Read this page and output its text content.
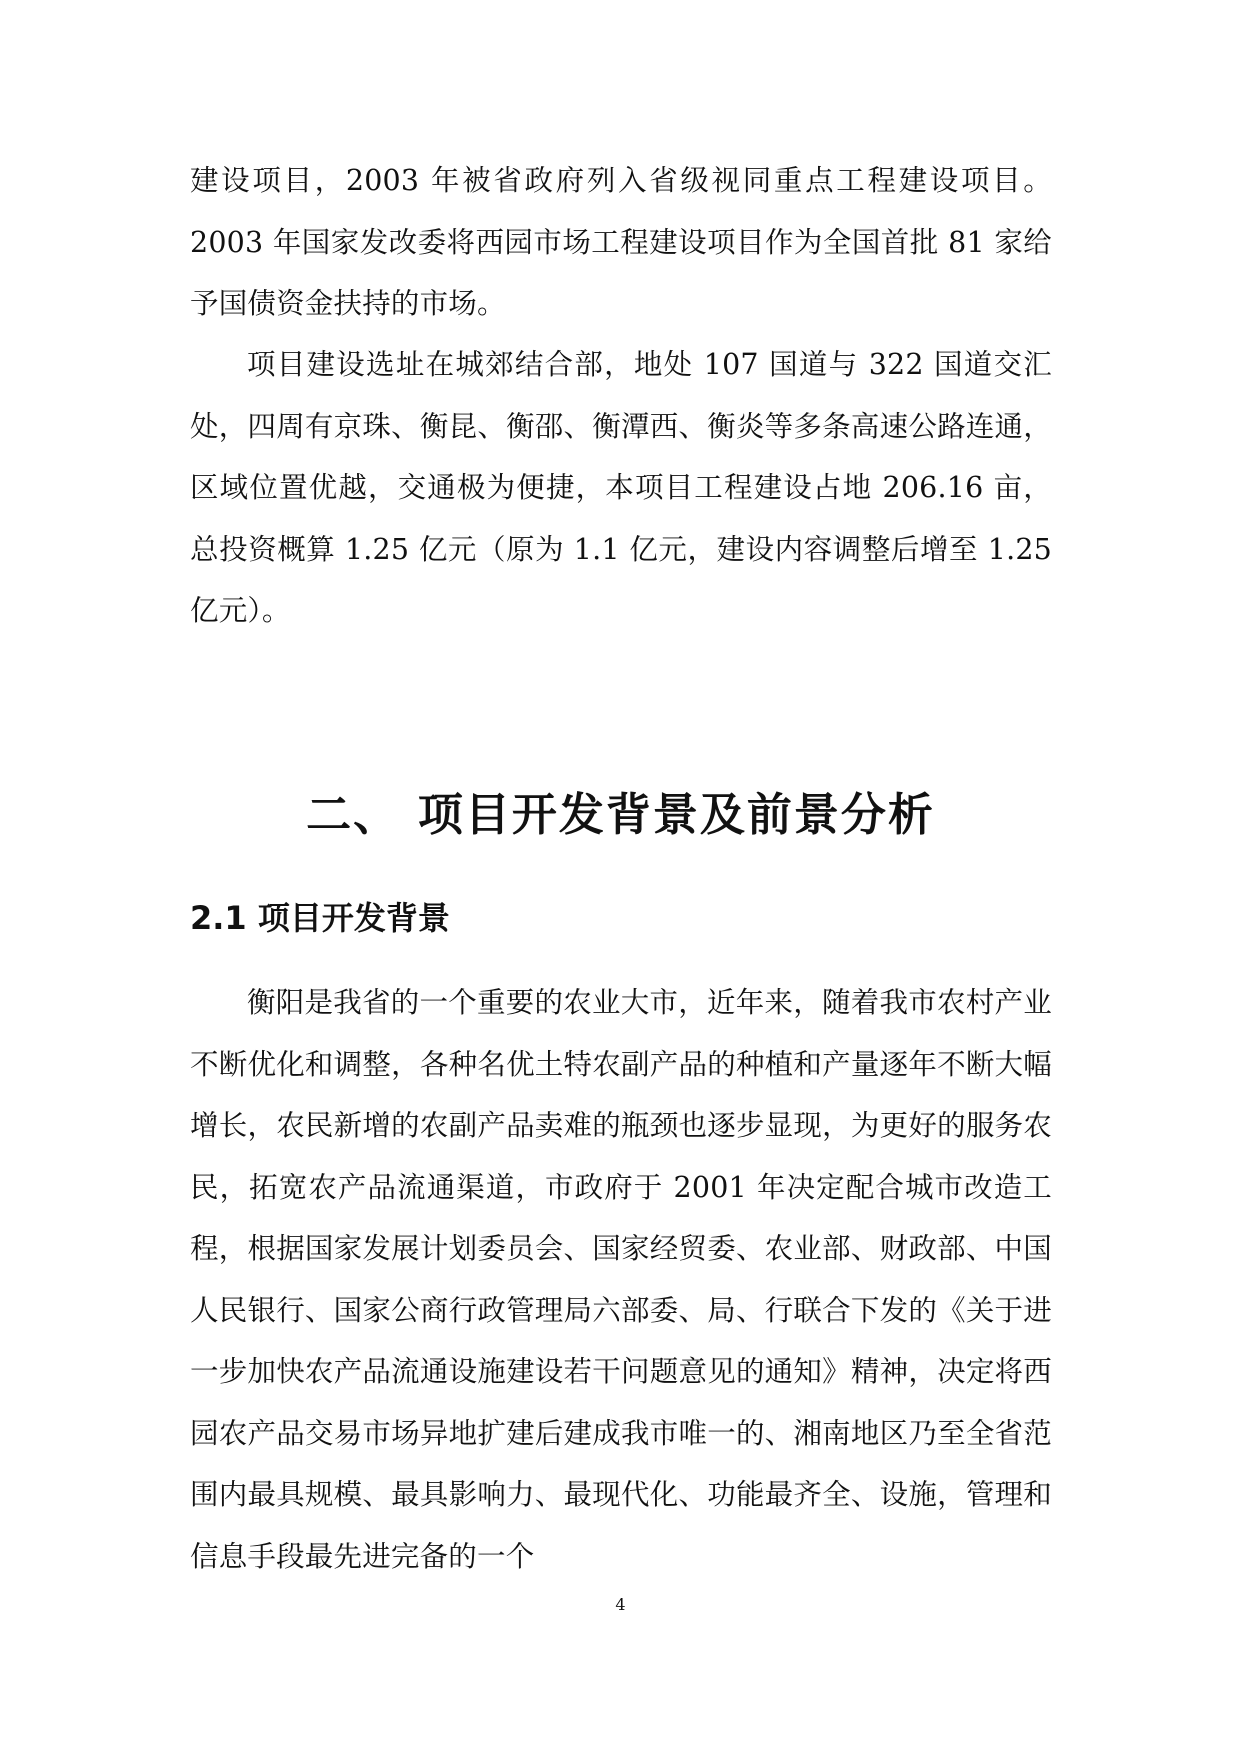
建设项目，2003 年被省政府列入省级视同重点工程建设项目。2003 年国家发改委将西园市场工程建设项目作为全国首批 81 家给予国债资金扶持的市场。

项目建设选址在城郊结合部，地处 107 国道与 322 国道交汇处，四周有京珠、衡昆、衡邵、衡潭西、衡炎等多条高速公路连通，区域位置优越，交通极为便捷，本项目工程建设占地 206.16 亩，总投资概算 1.25 亿元（原为 1.1 亿元，建设内容调整后增至 1.25 亿元）。

二、 项目开发背景及前景分析
2.1 项目开发背景

衡阳是我省的一个重要的农业大市，近年来，随着我市农村产业不断优化和调整，各种名优土特农副产品的种植和产量逐年不断大幅增长，农民新增的农副产品卖难的瓶颈也逐步显现，为更好的服务农民，拓宽农产品流通渠道，市政府于 2001 年决定配合城市改造工程，根据国家发展计划委员会、国家经贸委、农业部、财政部、中国人民银行、国家公商行政管理局六部委、局、行联合下发的《关于进一步加快农产品流通设施建设若干问题意见的通知》精神，决定将西园农产品交易市场异地扩建后建成我市唯一的、湘南地区乃至全省范围内最具规模、最具影响力、最现代化、功能最齐全、设施，管理和信息手段最先进完备的一个

4
